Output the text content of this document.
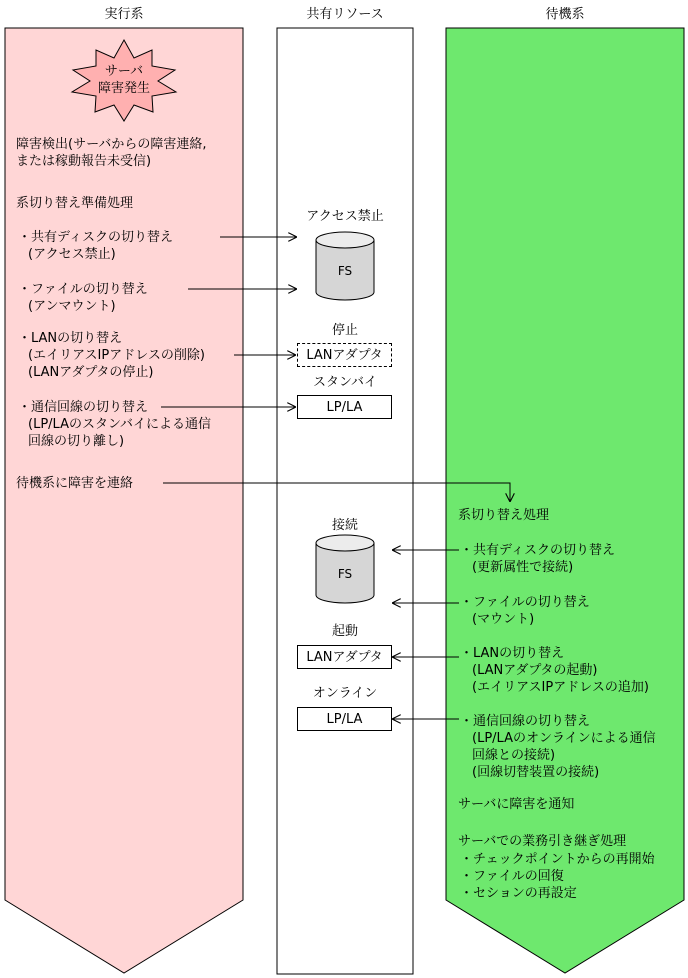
実行系	共有リソース	待機系
サーバ
障害発生
障害検出(サーバからの障害連絡,
または稼動報告未受信)
系切り替え準備処理
・共有ディスクの切り替え
(アクセス禁止)
・ファイルの切り替え
(アンマウント)
・LANの切り替え
(エイリアスIPアドレスの削除)
(LANアダプタの停止)
・通信回線の切り替え
(LP/LAのスタンバイによる通信
回線の切り離し)
待機系に障害を連絡
アクセス禁止
FS
停止
LANアダプタ
スタンバイ
LP/LA
接続
FS
起動
LANアダプタ
オンライン
LP/LA
系切り替え処理
・共有ディスクの切り替え
(更新属性で接続)
・ファイルの切り替え
(マウント)
・LANの切り替え
(LANアダプタの起動)
(エイリアスIPアドレスの追加)
・通信回線の切り替え
(LP/LAのオンラインによる通信
回線との接続)
(回線切替装置の接続)
サーバに障害を通知
サーバでの業務引き継ぎ処理
・チェックポイントからの再開始
・ファイルの回復
・セションの再設定
